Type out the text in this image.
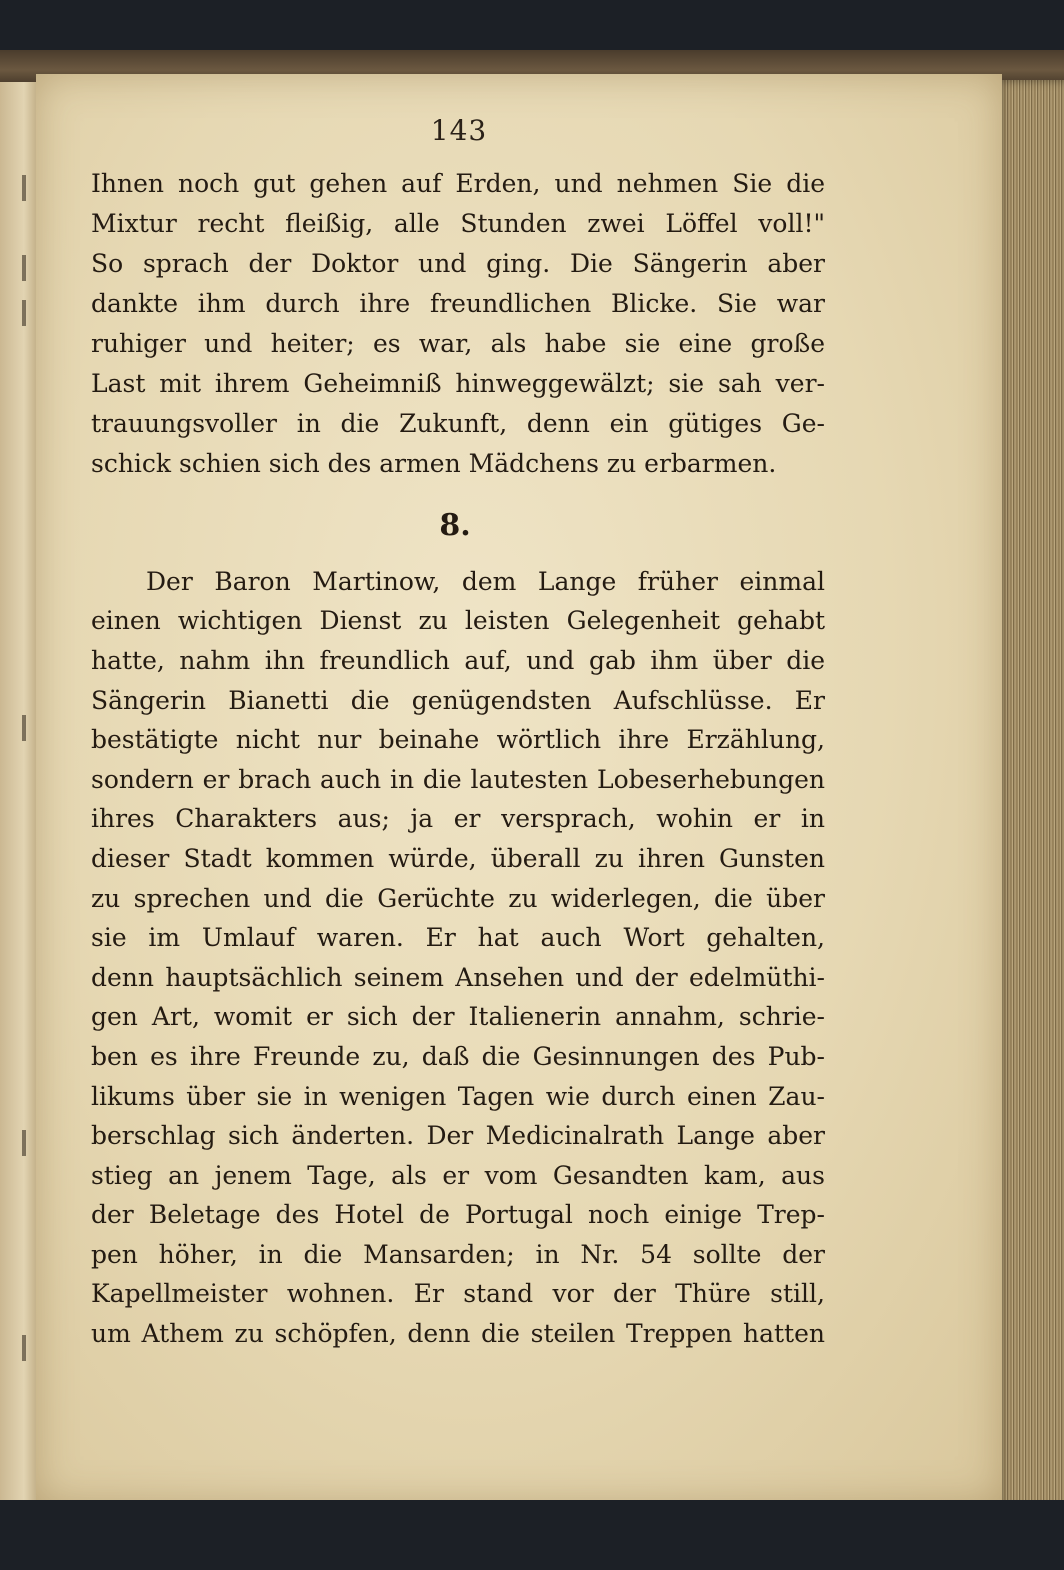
143
Ihnen noch gut gehen auf Erden, und nehmen Sie die
Mixtur recht fleißig, alle Stunden zwei Löffel voll!"
So sprach der Doktor und ging. Die Sängerin aber
dankte ihm durch ihre freundlichen Blicke. Sie war
ruhiger und heiter; es war, als habe sie eine große
Last mit ihrem Geheimniß hinweggewälzt; sie sah ver-
trauungsvoller in die Zukunft, denn ein gütiges Ge-
schick schien sich des armen Mädchens zu erbarmen.
8.
Der Baron Martinow, dem Lange früher einmal
einen wichtigen Dienst zu leisten Gelegenheit gehabt
hatte, nahm ihn freundlich auf, und gab ihm über die
Sängerin Bianetti die genügendsten Aufschlüsse. Er
bestätigte nicht nur beinahe wörtlich ihre Erzählung,
sondern er brach auch in die lautesten Lobeserhebungen
ihres Charakters aus; ja er versprach, wohin er in
dieser Stadt kommen würde, überall zu ihren Gunsten
zu sprechen und die Gerüchte zu widerlegen, die über
sie im Umlauf waren. Er hat auch Wort gehalten,
denn hauptsächlich seinem Ansehen und der edelmüthi-
gen Art, womit er sich der Italienerin annahm, schrie-
ben es ihre Freunde zu, daß die Gesinnungen des Pub-
likums über sie in wenigen Tagen wie durch einen Zau-
berschlag sich änderten. Der Medicinalrath Lange aber
stieg an jenem Tage, als er vom Gesandten kam, aus
der Beletage des Hotel de Portugal noch einige Trep-
pen höher, in die Mansarden; in Nr. 54 sollte der
Kapellmeister wohnen. Er stand vor der Thüre still,
um Athem zu schöpfen, denn die steilen Treppen hatten
